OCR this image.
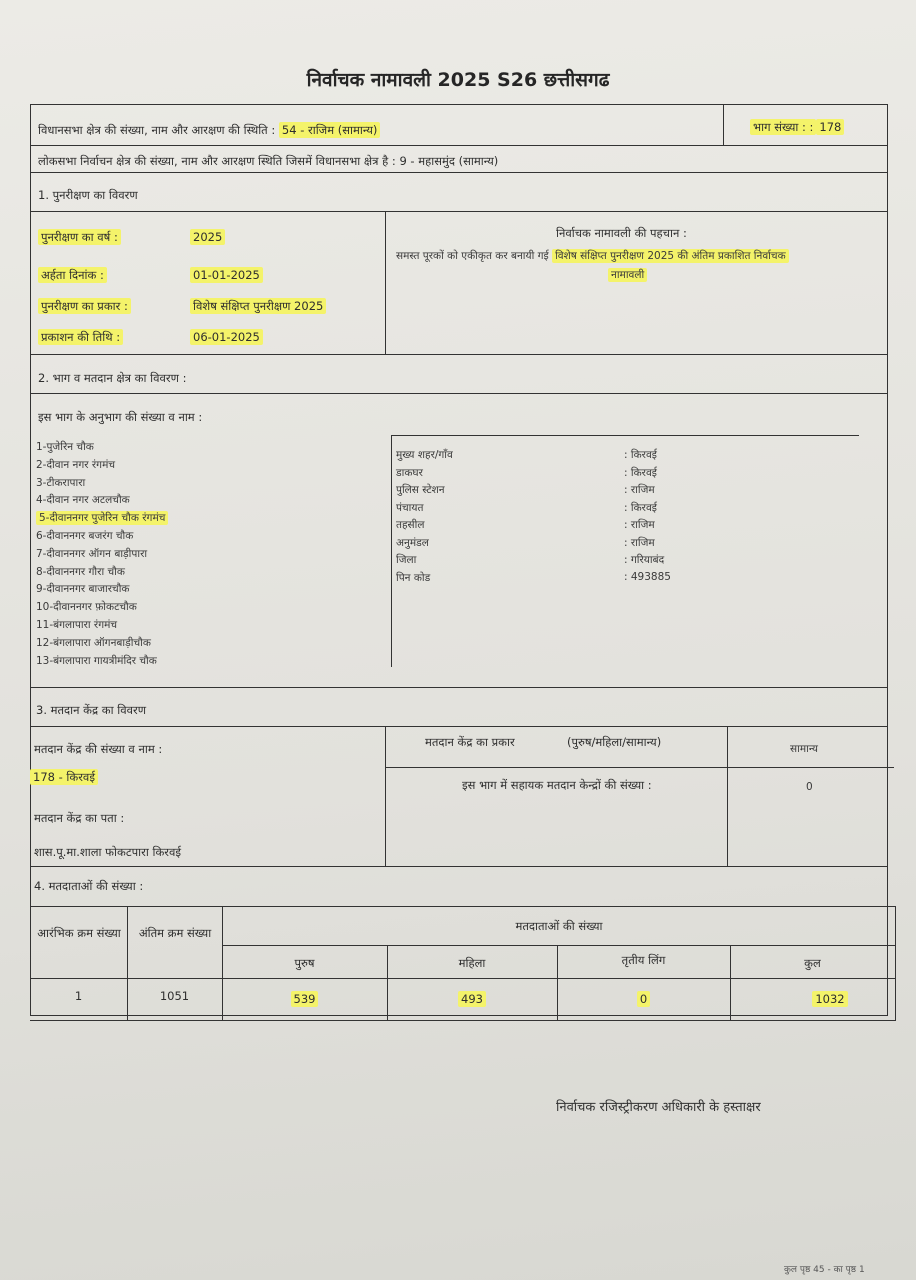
निर्वाचक नामावली 2025 S26 छत्तीसगढ
विधानसभा क्षेत्र की संख्या, नाम और आरक्षण की स्थिति : 54 - राजिम (सामान्य)	भाग संख्या : : 178
लोकसभा निर्वाचन क्षेत्र की संख्या, नाम और आरक्षण स्थिति जिसमें विधानसभा क्षेत्र है : 9 - महासमुंद (सामान्य)
1. पुनरीक्षण का विवरण
पुनरीक्षण का वर्ष :	2025
अर्हता दिनांक :	01-01-2025
पुनरीक्षण का प्रकार :	विशेष संक्षिप्त पुनरीक्षण 2025
प्रकाशन की तिथि :	06-01-2025
निर्वाचक नामावली की पहचान :
समस्त पूरकों को एकीकृत कर बनायी गई विशेष संक्षिप्त पुनरीक्षण 2025 की अंतिम प्रकाशित निर्वाचक
नामावली
2. भाग व मतदान क्षेत्र का विवरण :
इस भाग के अनुभाग की संख्या व नाम :
1-पुजेरिन चौक
2-दीवान नगर रंगमंच
3-टीकरापारा
4-दीवान नगर अटलचौक
5-दीवाननगर पुजेरिन चौक रंगमंच
6-दीवाननगर बजरंग चौक
7-दीवाननगर ऑगन बाड़ीपारा
8-दीवाननगर गौरा चौक
9-दीवाननगर बाजारचौक
10-दीवाननगर फ़ोकटचौक
11-बंगलापारा रंगमंच
12-बंगलापारा ऑगनबाड़ीचौक
13-बंगलापारा गायत्रीमंदिर चौक
मुख्य शहर/गाँव	: किरवई
डाकघर	: किरवई
पुलिस स्टेशन	: राजिम
पंचायत	: किरवई
तहसील	: राजिम
अनुमंडल	: राजिम
जिला	: गरियाबंद
पिन कोड	: 493885
3. मतदान केंद्र का विवरण
मतदान केंद्र की संख्या व नाम :
178 - किरवई
मतदान केंद्र का पता :
शास.पू.मा.शाला फोकटपारा किरवई
मतदान केंद्र का प्रकार	(पुरुष/महिला/सामान्य)	सामान्य
इस भाग में सहायक मतदान केन्द्रों की संख्या :	0
4. मतदाताओं की संख्या :
आरंभिक क्रम संख्या	अंतिम क्रम संख्या	मतदाताओं की संख्या
पुरुष	महिला	तृतीय लिंग	कुल
1	1051	539	493	0	1032
निर्वाचक रजिस्ट्रीकरण अधिकारी के हस्ताक्षर
कुल पृष्ठ 45 - का पृष्ठ 1
